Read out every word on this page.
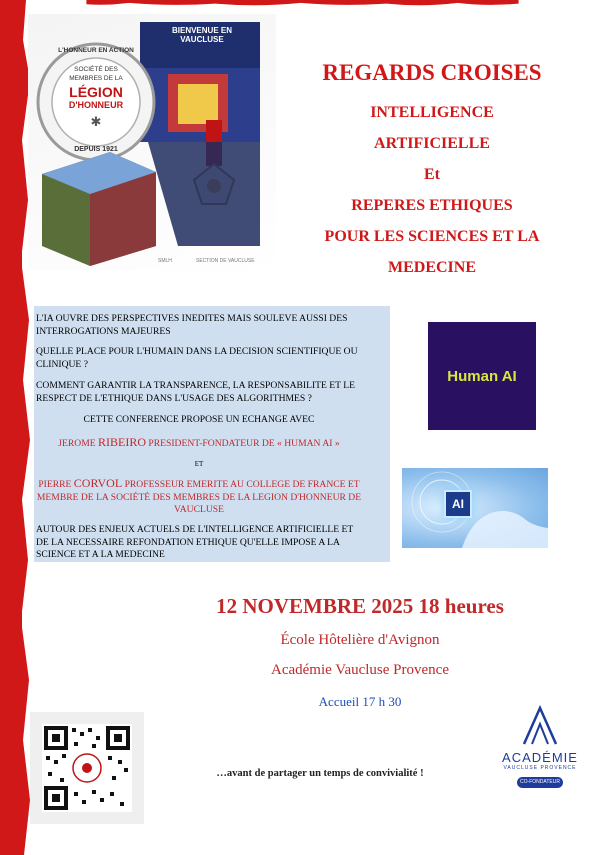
✱
BIENVENUE EN VAUCLUSE
L'HONNEUR EN ACTION
SOCIÉTÉ DES
MEMBRES DE LA
LÉGION
D'HONNEUR
DEPUIS 1921
SMLH	SECTION DE VAUCLUSE
REGARDS CROISES
INTELLIGENCE
ARTIFICIELLE
Et
REPERES ETHIQUES
POUR LES SCIENCES ET LA
MEDECINE
L'IA OUVRE DES PERSPECTIVES INEDITES MAIS SOULEVE AUSSI DES INTERROGATIONS MAJEURES
QUELLE PLACE POUR L'HUMAIN DANS LA DECISION SCIENTIFIQUE OU CLINIQUE ?
COMMENT GARANTIR LA TRANSPARENCE, LA RESPONSABILITE ET LE RESPECT DE L'ETHIQUE DANS L'USAGE DES ALGORITHMES ?
CETTE CONFERENCE PROPOSE UN ECHANGE AVEC
JEROME RIBEIRO PRESIDENT-FONDATEUR DE « HUMAN AI »
ET
PIERRE CORVOL PROFESSEUR EMERITE AU COLLEGE DE FRANCE ET MEMBRE DE LA SOCIÉTÉ DES MEMBRES DE LA LEGION D'HONNEUR DE VAUCLUSE
AUTOUR DES ENJEUX ACTUELS DE L'INTELLIGENCE ARTIFICIELLE ET DE LA NECESSAIRE REFONDATION ETHIQUE QU'ELLE IMPOSE A LA SCIENCE ET A LA MEDECINE
Human AI
AI
12 NOVEMBRE 2025 18 heures
École Hôtelière d'Avignon
Académie Vaucluse Provence
Accueil 17 h 30
…avant de partager un temps de convivialité !
ACADÉMIE
VAUCLUSE PROVENCE
CO-FONDATEUR
